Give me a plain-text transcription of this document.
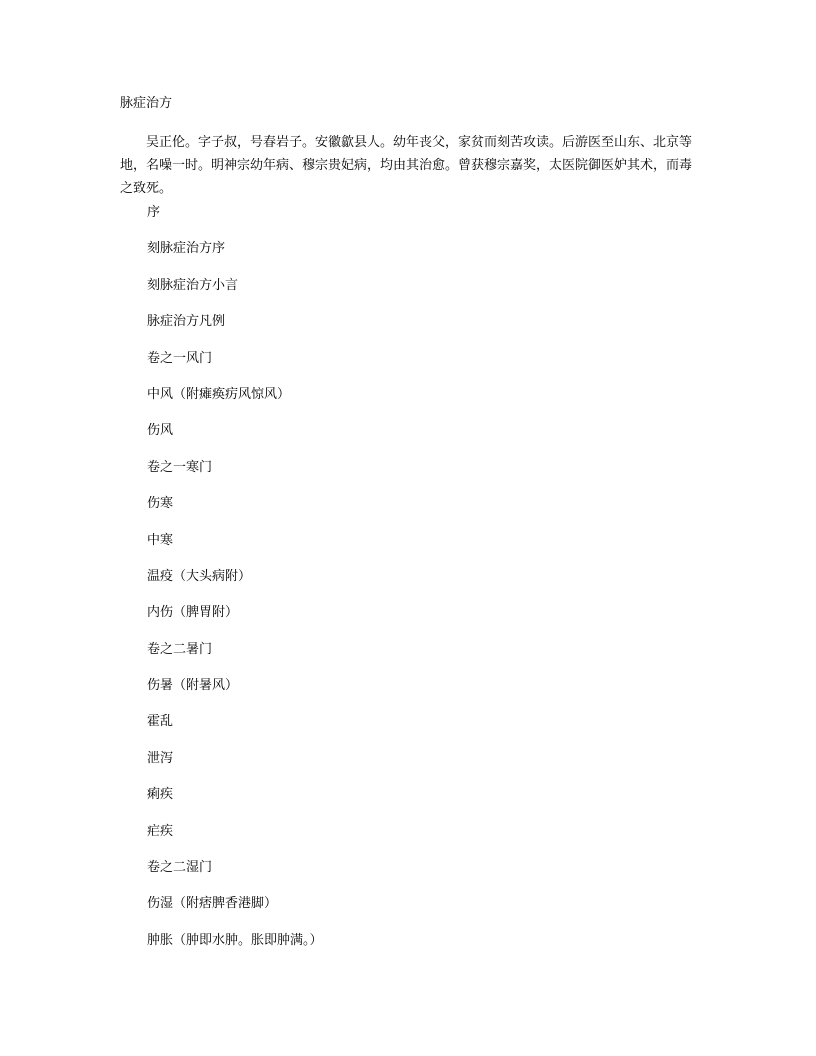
脉症治方

吴正伦。字子叔，号春岩子。安徽歙县人。幼年丧父，家贫而刻苦攻读。后游医至山东、北京等地，名噪一时。明神宗幼年病、穆宗贵妃病，均由其治愈。曾获穆宗嘉奖，太医院御医妒其术，而毒之致死。

序
刻脉症治方序
刻脉症治方小言
脉症治方凡例
卷之一风门
中风（附瘫痪疠风惊风）
伤风
卷之一寒门
伤寒
中寒
温疫（大头病附）
内伤（脾胃附）
卷之二暑门
伤暑（附暑风）
霍乱
泄泻
痢疾
疟疾
卷之二湿门
伤湿（附痞脾香港脚）
肿胀（肿即水肿。胀即肿满。）
